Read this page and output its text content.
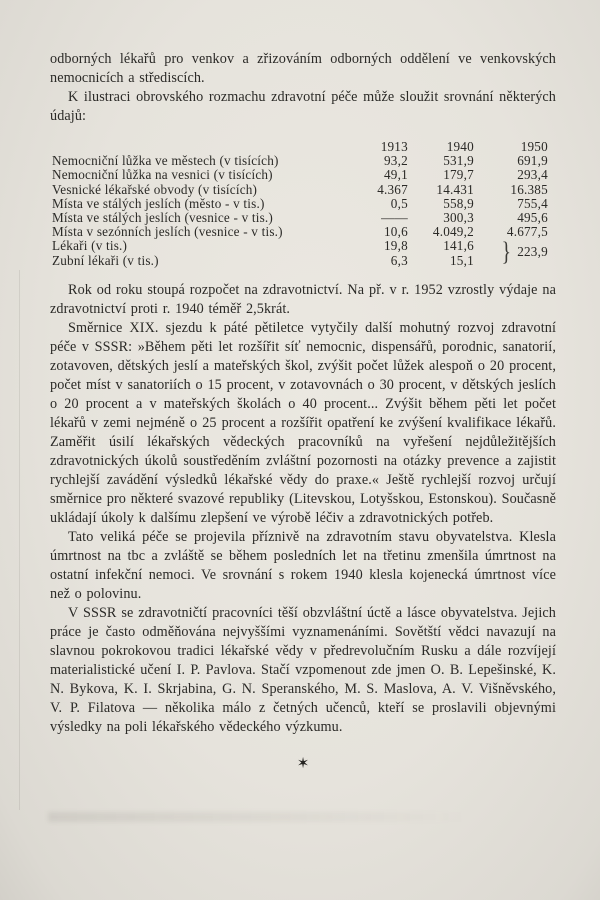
odborných lékařů pro venkov a zřizováním odborných oddělení ve venkovských nemocnicích a střediscích.

K ilustraci obrovského rozmachu zdravotní péče může sloužit srovnání některých údajů:

	1913	1940	1950
Nemocniční lůžka ve městech (v tisících)	93,2	531,9	691,9
Nemocniční lůžka na vesnici (v tisících)	49,1	179,7	293,4
Vesnické lékařské obvody (v tisících)	4.367	14.431	16.385
Místa ve stálých jeslích (město - v tis.)	0,5	558,9	755,4
Místa ve stálých jeslích (vesnice - v tis.)	——	300,3	495,6
Místa v sezónních jeslích (vesnice - v tis.)	10,6	4.049,2	4.677,5
Lékaři (v tis.)	19,8	141,6	} 223,9

Zubní lékaři (v tis.)	6,3	15,1	

Rok od roku stoupá rozpočet na zdravotnictví. Na př. v r. 1952 vzrostly výdaje na zdravotnictví proti r. 1940 téměř 2,5krát.

Směrnice XIX. sjezdu k páté pětiletce vytyčily další mohutný rozvoj zdravotní péče v SSSR: »Během pěti let rozšířit síť nemocnic, dispensářů, porodnic, sanatorií, zotavoven, dětských jeslí a mateřských škol, zvýšit počet lůžek alespoň o 20 procent, počet míst v sanatoriích o 15 procent, v zotavovnách o 30 procent, v dětských jeslích o 20 procent a v mateřských školách o 40 procent... Zvýšit během pěti let počet lékařů v zemi nejméně o 25 procent a rozšířit opatření ke zvýšení kvalifikace lékařů. Zaměřit úsilí lékařských vědeckých pracovníků na vyřešení nejdůležitějších zdravotnických úkolů soustředěním zvláštní pozornosti na otázky prevence a zajistit rychlejší zavádění výsledků lékařské vědy do praxe.« Ještě rychlejší rozvoj určují směrnice pro některé svazové republiky (Litevskou, Lotyšskou, Estonskou). Současně ukládají úkoly k dalšímu zlepšení ve výrobě léčiv a zdravotnických potřeb.

Tato veliká péče se projevila příznivě na zdravotním stavu obyvatelstva. Klesla úmrtnost na tbc a zvláště se během posledních let na třetinu zmenšila úmrtnost na ostatní infekční nemoci. Ve srovnání s rokem 1940 klesla kojenecká úmrtnost více než o polovinu.

V SSSR se zdravotničtí pracovníci těší obzvláštní úctě a lásce obyvatelstva. Jejich práce je často odměňována nejvyššími vyznamenáními. Sovětští vědci navazují na slavnou pokrokovou tradici lékařské vědy v předrevolučním Rusku a dále rozvíjejí materialistické učení I. P. Pavlova. Stačí vzpomenout zde jmen O. B. Lepešinské, K. N. Bykova, K. I. Skrjabina, G. N. Speranského, M. S. Maslova, A. V. Višněvského, V. P. Filatova — několika málo z četných učenců, kteří se proslavili objevnými výsledky na poli lékařského vědeckého výzkumu.

✶
